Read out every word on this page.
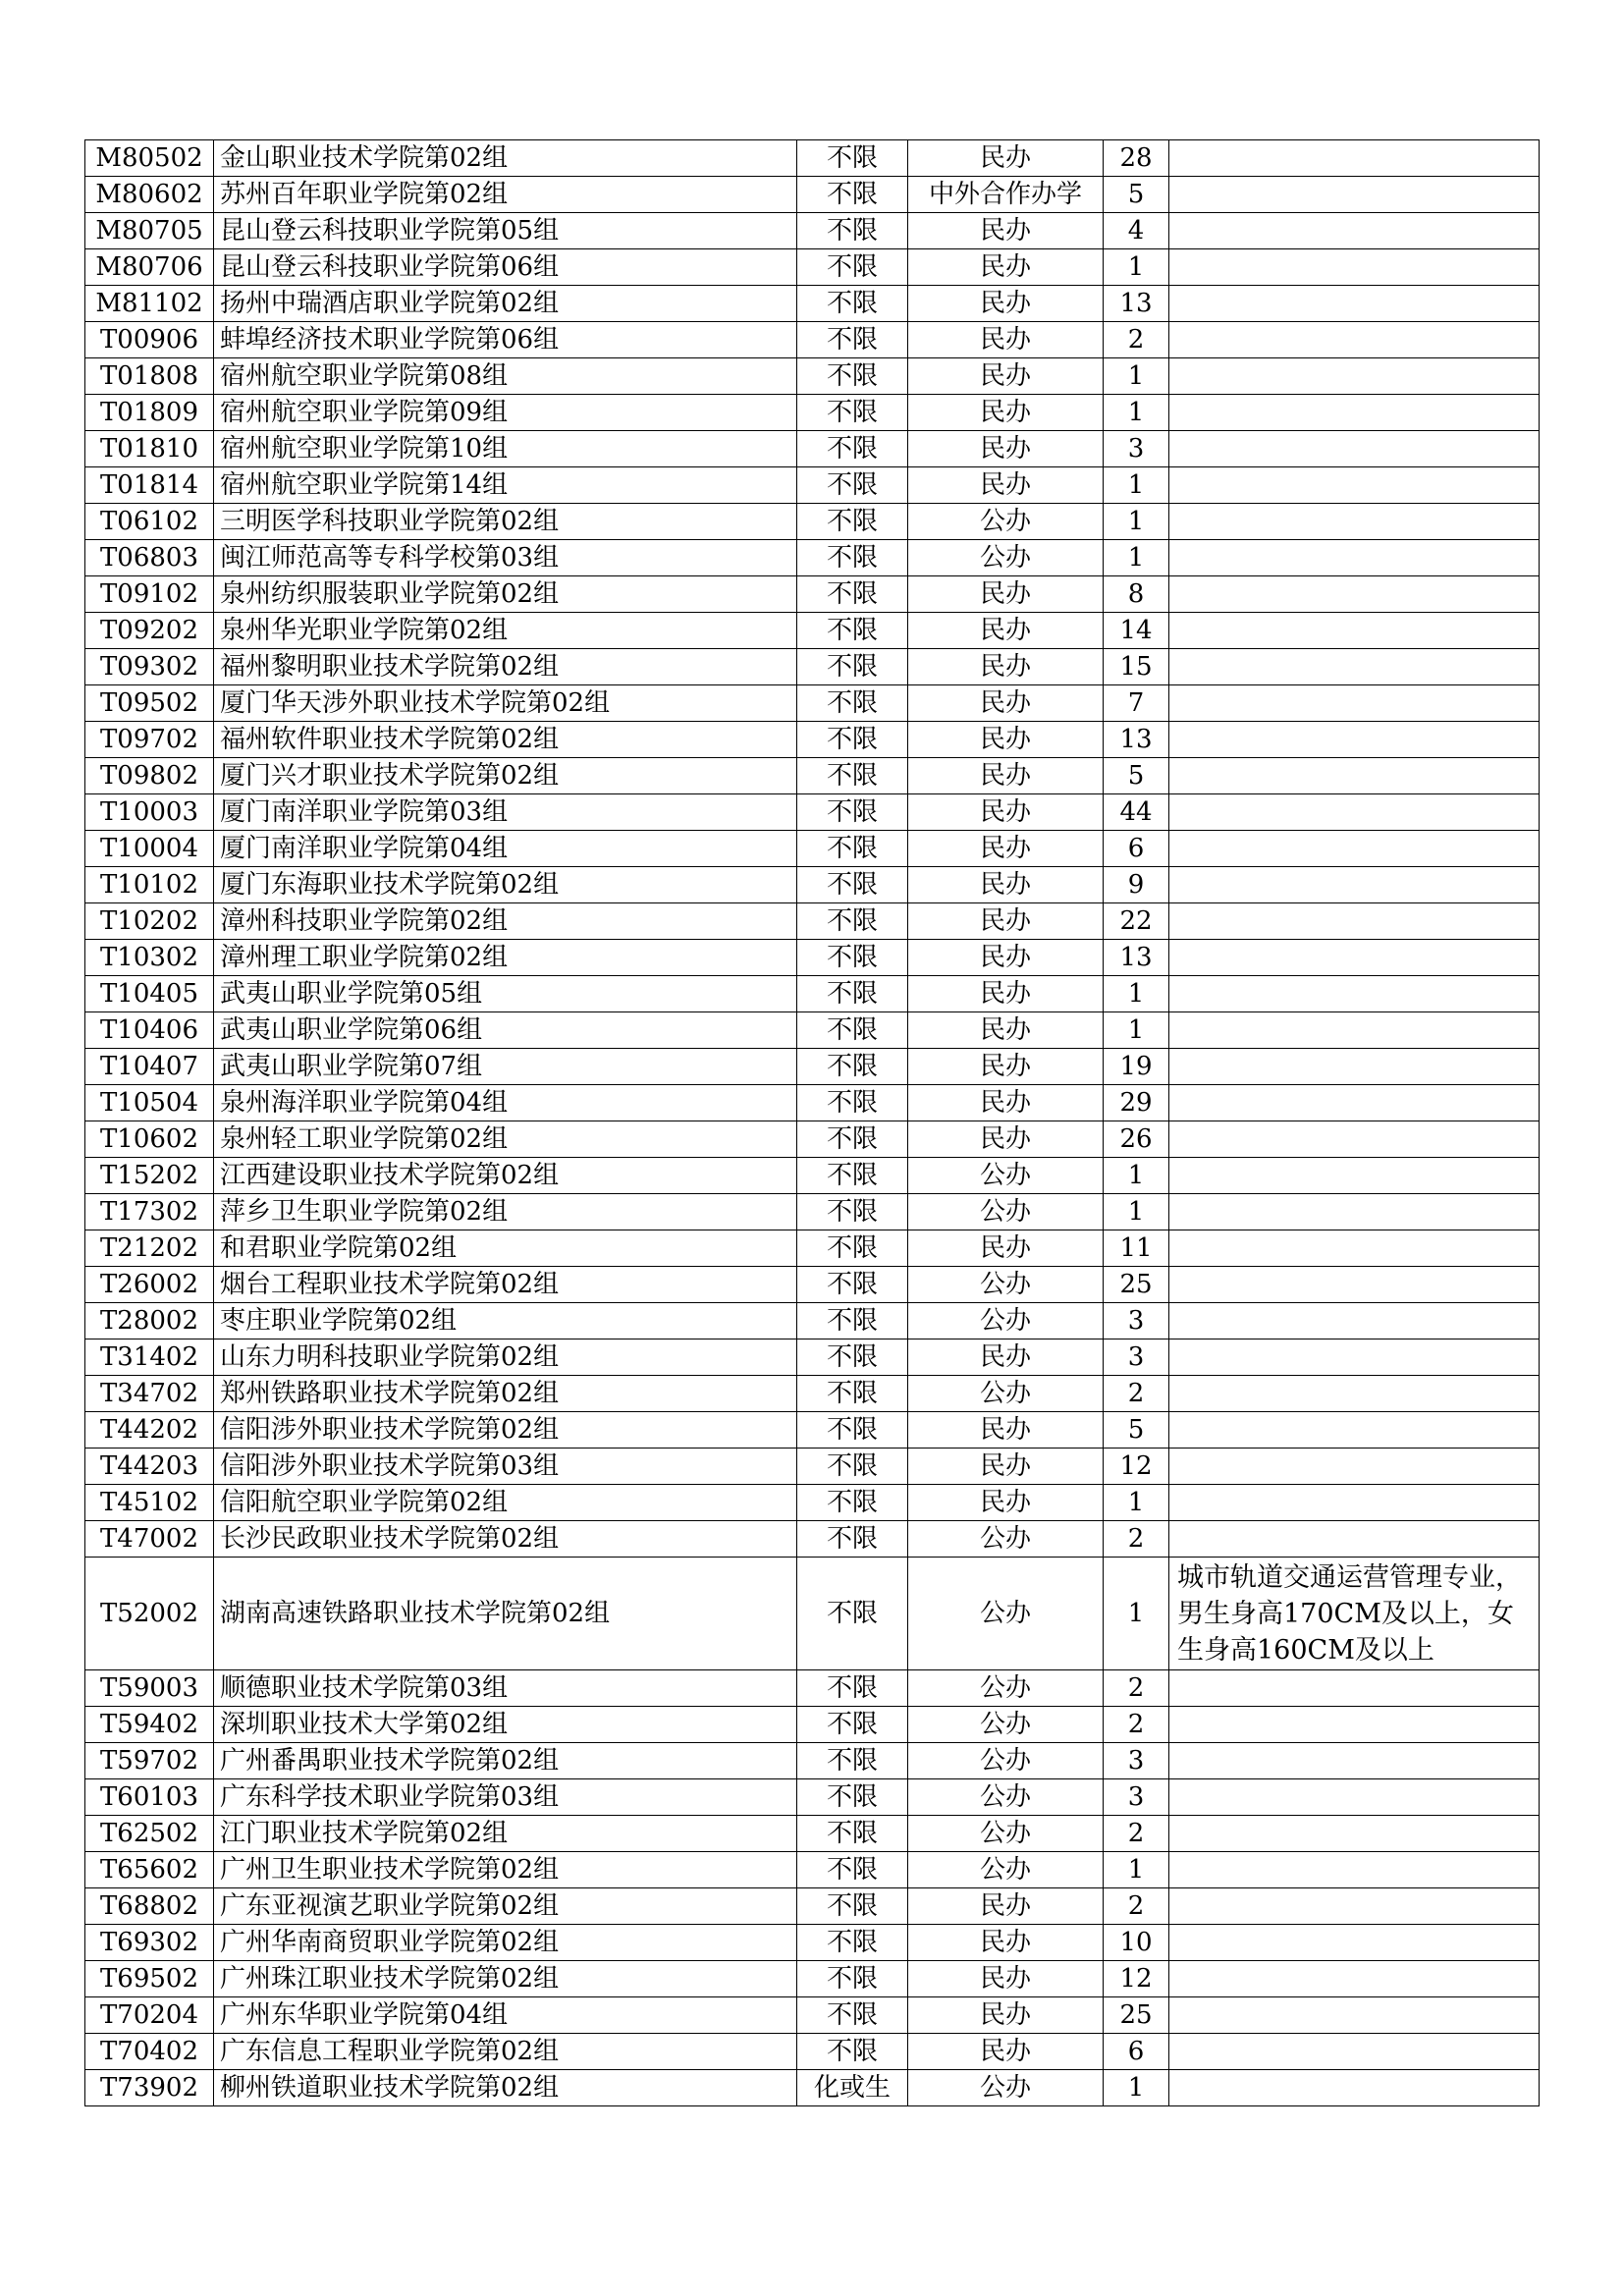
M80502	金山职业技术学院第02组	不限	民办	28	
M80602	苏州百年职业学院第02组	不限	中外合作办学	5	
M80705	昆山登云科技职业学院第05组	不限	民办	4	
M80706	昆山登云科技职业学院第06组	不限	民办	1	
M81102	扬州中瑞酒店职业学院第02组	不限	民办	13	
T00906	蚌埠经济技术职业学院第06组	不限	民办	2	
T01808	宿州航空职业学院第08组	不限	民办	1	
T01809	宿州航空职业学院第09组	不限	民办	1	
T01810	宿州航空职业学院第10组	不限	民办	3	
T01814	宿州航空职业学院第14组	不限	民办	1	
T06102	三明医学科技职业学院第02组	不限	公办	1	
T06803	闽江师范高等专科学校第03组	不限	公办	1	
T09102	泉州纺织服装职业学院第02组	不限	民办	8	
T09202	泉州华光职业学院第02组	不限	民办	14	
T09302	福州黎明职业技术学院第02组	不限	民办	15	
T09502	厦门华天涉外职业技术学院第02组	不限	民办	7	
T09702	福州软件职业技术学院第02组	不限	民办	13	
T09802	厦门兴才职业技术学院第02组	不限	民办	5	
T10003	厦门南洋职业学院第03组	不限	民办	44	
T10004	厦门南洋职业学院第04组	不限	民办	6	
T10102	厦门东海职业技术学院第02组	不限	民办	9	
T10202	漳州科技职业学院第02组	不限	民办	22	
T10302	漳州理工职业学院第02组	不限	民办	13	
T10405	武夷山职业学院第05组	不限	民办	1	
T10406	武夷山职业学院第06组	不限	民办	1	
T10407	武夷山职业学院第07组	不限	民办	19	
T10504	泉州海洋职业学院第04组	不限	民办	29	
T10602	泉州轻工职业学院第02组	不限	民办	26	
T15202	江西建设职业技术学院第02组	不限	公办	1	
T17302	萍乡卫生职业学院第02组	不限	公办	1	
T21202	和君职业学院第02组	不限	民办	11	
T26002	烟台工程职业技术学院第02组	不限	公办	25	
T28002	枣庄职业学院第02组	不限	公办	3	
T31402	山东力明科技职业学院第02组	不限	民办	3	
T34702	郑州铁路职业技术学院第02组	不限	公办	2	
T44202	信阳涉外职业技术学院第02组	不限	民办	5	
T44203	信阳涉外职业技术学院第03组	不限	民办	12	
T45102	信阳航空职业学院第02组	不限	民办	1	
T47002	长沙民政职业技术学院第02组	不限	公办	2	
T52002	湖南高速铁路职业技术学院第02组	不限	公办	1	城市轨道交通运营管理专业，男生身高170CM及以上，女生身高160CM及以上
T59003	顺德职业技术学院第03组	不限	公办	2	
T59402	深圳职业技术大学第02组	不限	公办	2	
T59702	广州番禺职业技术学院第02组	不限	公办	3	
T60103	广东科学技术职业学院第03组	不限	公办	3	
T62502	江门职业技术学院第02组	不限	公办	2	
T65602	广州卫生职业技术学院第02组	不限	公办	1	
T68802	广东亚视演艺职业学院第02组	不限	民办	2	
T69302	广州华南商贸职业学院第02组	不限	民办	10	
T69502	广州珠江职业技术学院第02组	不限	民办	12	
T70204	广州东华职业学院第04组	不限	民办	25	
T70402	广东信息工程职业学院第02组	不限	民办	6	
T73902	柳州铁道职业技术学院第02组	化或生	公办	1	
